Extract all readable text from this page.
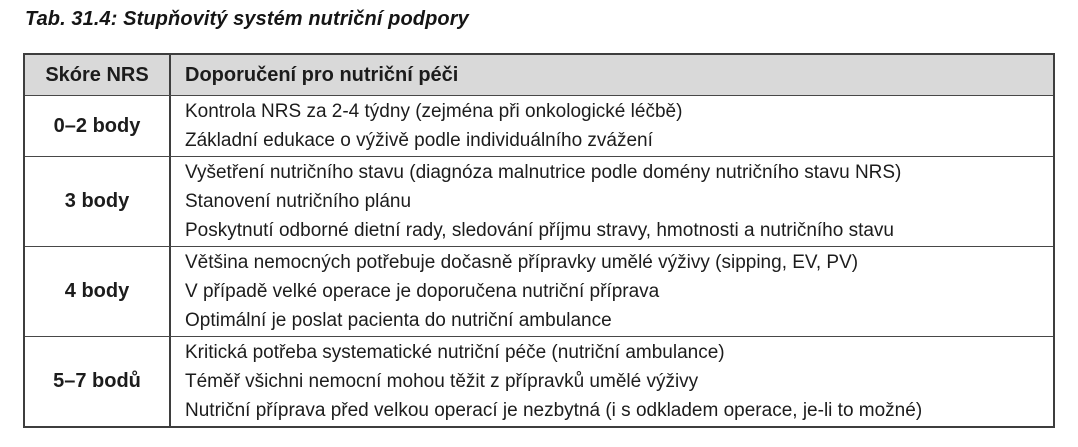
Tab. 31.4: Stupňovitý systém nutriční podpory
Skóre NRS	Doporučení pro nutriční péči
0–2 body
Kontrola NRS za 2-4 týdny (zejména při onkologické léčbě)
Základní edukace o výživě podle individuálního zvážení
3 body
Vyšetření nutričního stavu (diagnóza malnutrice podle domény nutričního stavu NRS)
Stanovení nutričního plánu
Poskytnutí odborné dietní rady, sledování příjmu stravy, hmotnosti a nutričního stavu
4 body
Většina nemocných potřebuje dočasně přípravky umělé výživy (sipping, EV, PV)
V případě velké operace je doporučena nutriční příprava
Optimální je poslat pacienta do nutriční ambulance
5–7 bodů
Kritická potřeba systematické nutriční péče (nutriční ambulance)
Téměř všichni nemocní mohou těžit z přípravků umělé výživy
Nutriční příprava před velkou operací je nezbytná (i s odkladem operace, je-li to možné)
